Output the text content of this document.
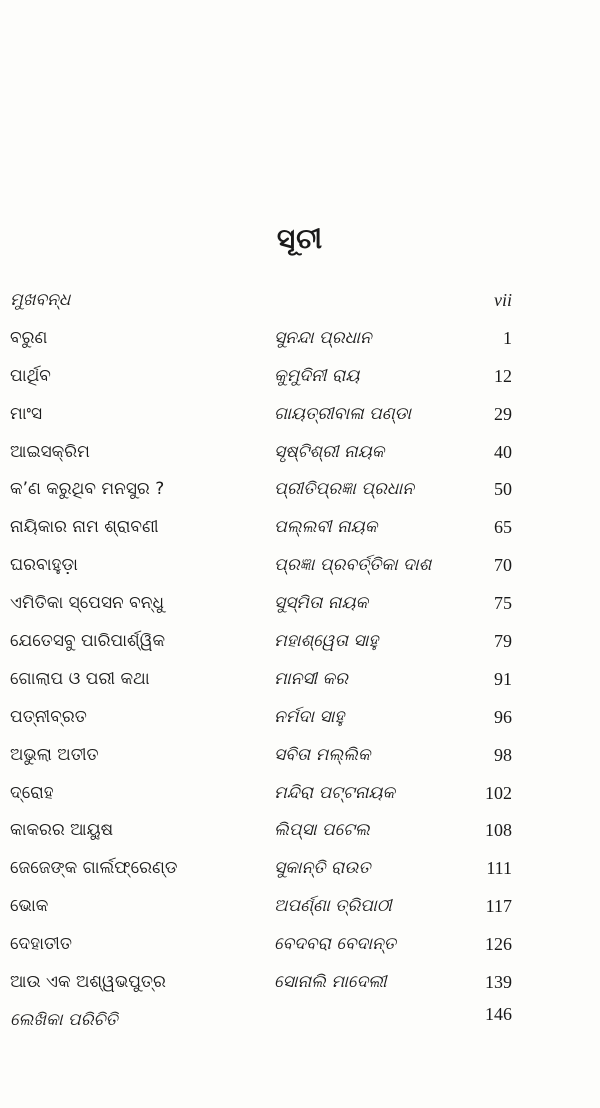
ସୂଚୀ
ମୁଖବନ୍ଧ	vii
ବରୁଣ	ସୁନନ୍ଦା ପ୍ରଧାନ	1
ପାର୍ଥିବ	କୁମୁଦିନୀ ରାୟ	12
ମାଂସ	ଗାୟତ୍ରୀବାଳା ପଣ୍ଡା	29
ଆଇସକ୍ରିମ	ସୃଷ୍ଟିଶ୍ରୀ ନାୟକ	40
କ’ଣ କରୁଥିବ ମନସୁର ?	ପ୍ରୀତିପ୍ରଜ୍ଞା ପ୍ରଧାନ	50
ନାୟିକାର ନାମ ଶ୍ରାବଣୀ	ପଲ୍ଲବୀ ନାୟକ	65
ଘରବାହୁଡ଼ା	ପ୍ରଜ୍ଞା ପ୍ରବର୍ତ୍ତିକା ଦାଶ	70
ଏମିତିକା ସ୍ପେସନ ବନ୍ଧୁ	ସୁସ୍ମିତା ନାୟକ	75
ଯେତେସବୁ ପାରିପାର୍ଶ୍ୱିକ	ମହାଶ୍ୱେତା ସାହୁ	79
ଗୋଲାପ ଓ ପରୀ କଥା	ମାନସୀ କର	91
ପତ୍ନୀବ୍ରତ	ନର୍ମଦା ସାହୁ	96
ଅଭୁଲା ଅତୀତ	ସବିତା ମଲ୍ଲିକ	98
ଦ୍ରୋହ	ମନ୍ଦିରା ପଟ୍ଟନାୟକ	102
କାକରର ଆୟୁଷ	ଲିପ୍ସା ପଟେଲ	108
ଜେଜେଙ୍କ ଗାର୍ଲଫ୍ରେଣ୍ଡ	ସୁକାନ୍ତି ରାଉତ	111
ଭୋକ	ଅପର୍ଣ୍ଣା ତ୍ରିପାଠୀ	117
ଦେହାତୀତ	ବେଦବରା ବେଦାନ୍ତ	126
ଆଉ ଏକ ଅଶ୍ୱଭପୁତ୍ର	ସୋନାଲି ମାଦେଲୀ	139
ଲେଖିକା ପରିଚିତି	146
